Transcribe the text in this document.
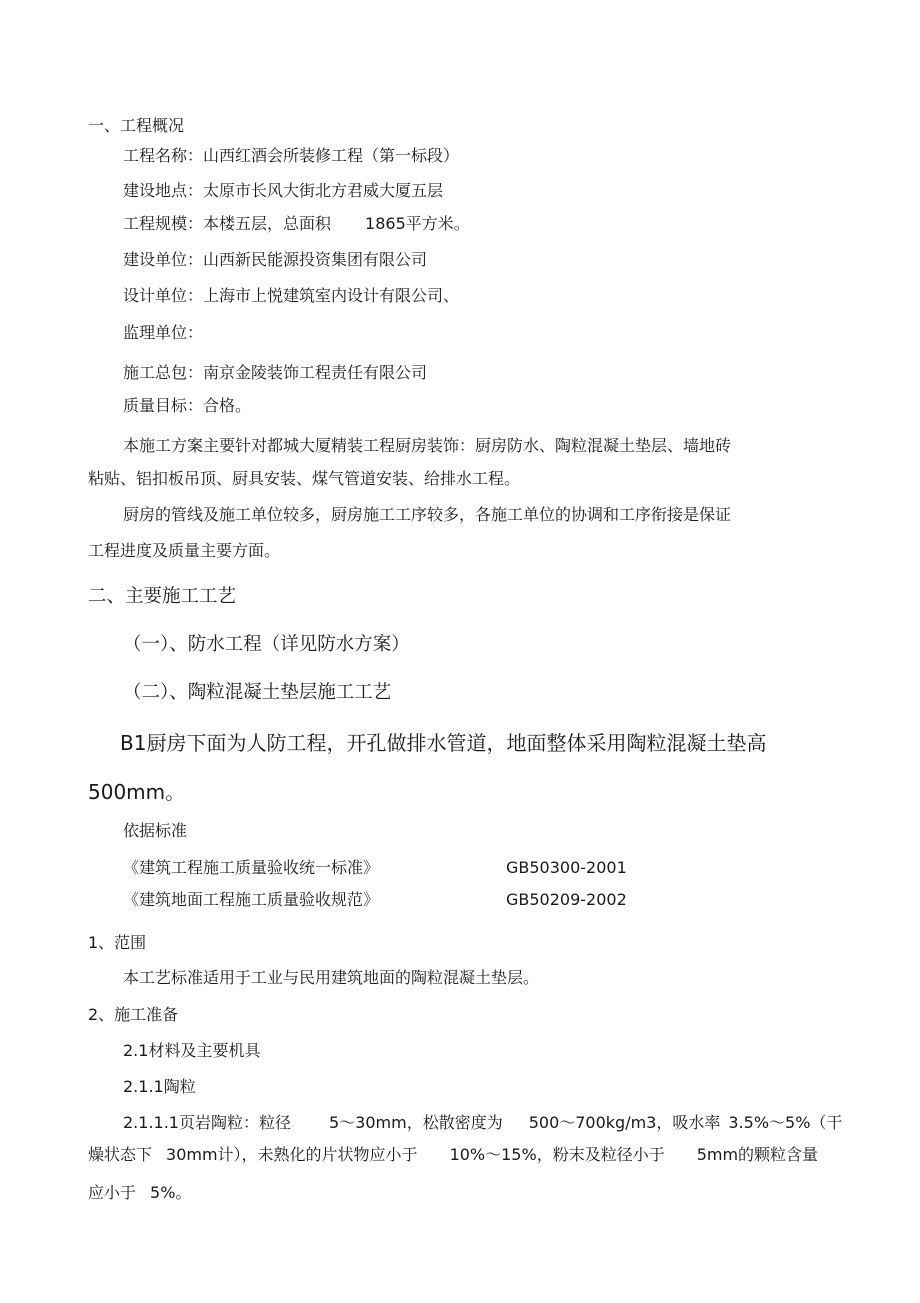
一、工程概况
工程名称：山西红酒会所装修工程（第一标段）
建设地点：太原市长风大街北方君威大厦五层
工程规模：本楼五层，总面积 1865平方米。
建设单位：山西新民能源投资集团有限公司
设计单位：上海市上悦建筑室内设计有限公司、
监理单位：
施工总包：南京金陵装饰工程责任有限公司
质量目标：合格。
本施工方案主要针对都城大厦精装工程厨房装饰：厨房防水、陶粒混凝土垫层、墙地砖
粘贴、铝扣板吊顶、厨具安装、煤气管道安装、给排水工程。
厨房的管线及施工单位较多，厨房施工工序较多，各施工单位的协调和工序衔接是保证
工程进度及质量主要方面。
二、主要施工工艺
（一）、防水工程（详见防水方案）
（二）、陶粒混凝土垫层施工工艺
B1厨房下面为人防工程，开孔做排水管道，地面整体采用陶粒混凝土垫高
500mm。
依据标准
《建筑工程施工质量验收统一标准》	GB50300-2001
《建筑地面工程施工质量验收规范》	GB50209-2002
1、范围
本工艺标准适用于工业与民用建筑地面的陶粒混凝土垫层。
2、施工准备
2.1材料及主要机具
2.1.1陶粒
2.1.1.1页岩陶粒：粒径 5～30mm，松散密度为 500～700kg/m3，吸水率 3.5%～5%（干
燥状态下 30mm计），未熟化的片状物应小于 10%～15%，粉末及粒径小于 5mm的颗粒含量
应小于 5%。
